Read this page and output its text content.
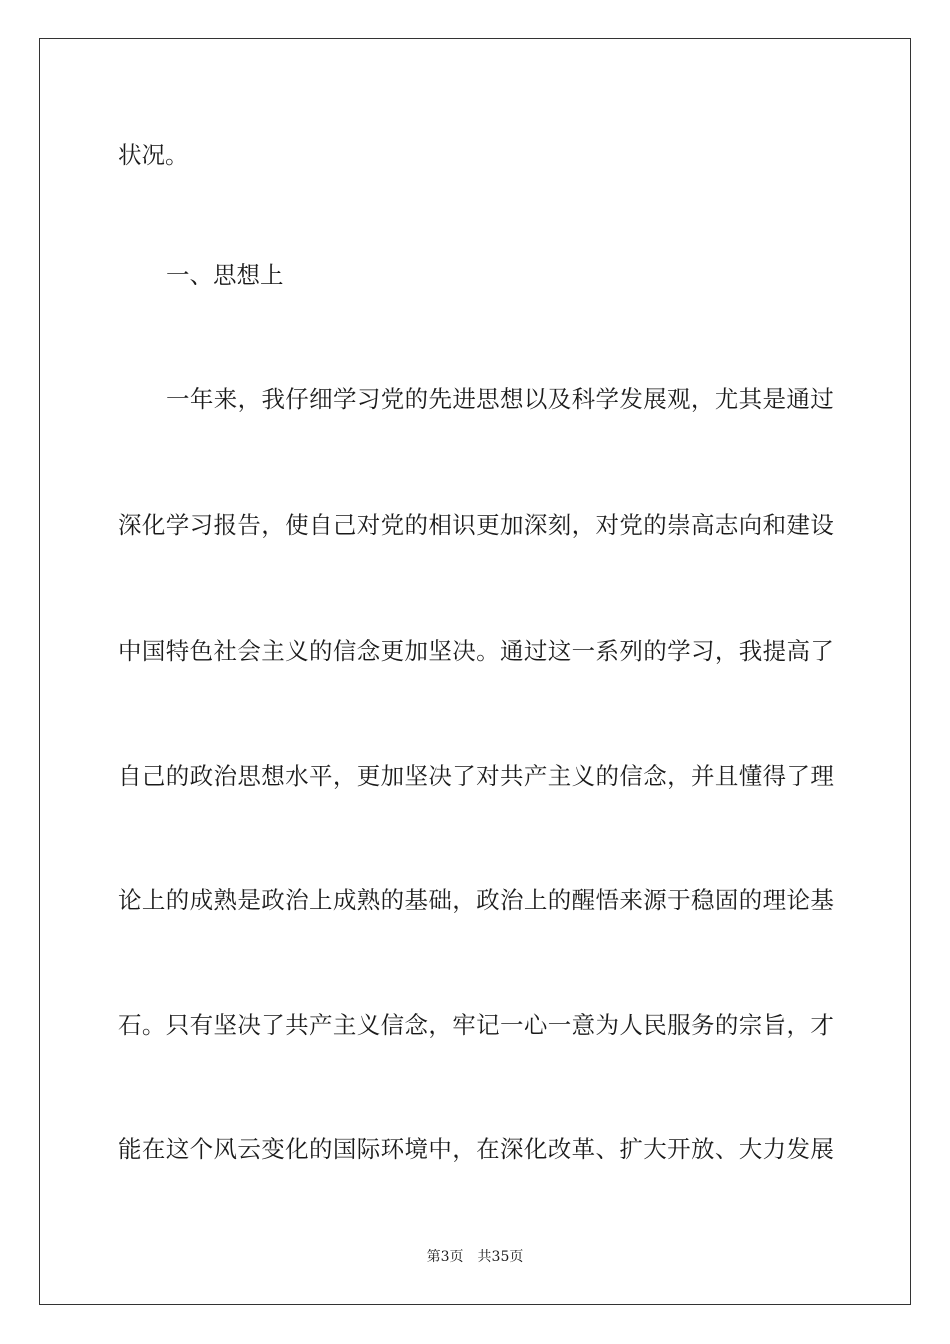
状况。
一、思想上
一 年 来 ， 我 仔 细 学 习 党 的 先 进 思 想 以 及 科 学 发 展 观 ， 尤 其 是 通 过
深 化 学 习 报 告 ， 使 自 己 对 党 的 相 识 更 加 深 刻 ， 对 党 的 崇 高 志 向 和 建 设
中 国 特 色 社 会 主 义 的 信 念 更 加 坚 决 。 通 过 这 一 系 列 的 学 习 ， 我 提 高 了
自 己 的 政 治 思 想 水 平 ， 更 加 坚 决 了 对 共 产 主 义 的 信 念 ， 并 且 懂 得 了 理
论 上 的 成 熟 是 政 治 上 成 熟 的 基 础 ， 政 治 上 的 醒 悟 来 源 于 稳 固 的 理 论 基
石 。 只 有 坚 决 了 共 产 主 义 信 念 ， 牢 记 一 心 一 意 为 人 民 服 务 的 宗 旨 ， 才
能 在 这 个 风 云 变 化 的 国 际 环 境 中 ， 在 深 化 改 革 、 扩 大 开 放 、 大 力 发 展
第3页 共35页
